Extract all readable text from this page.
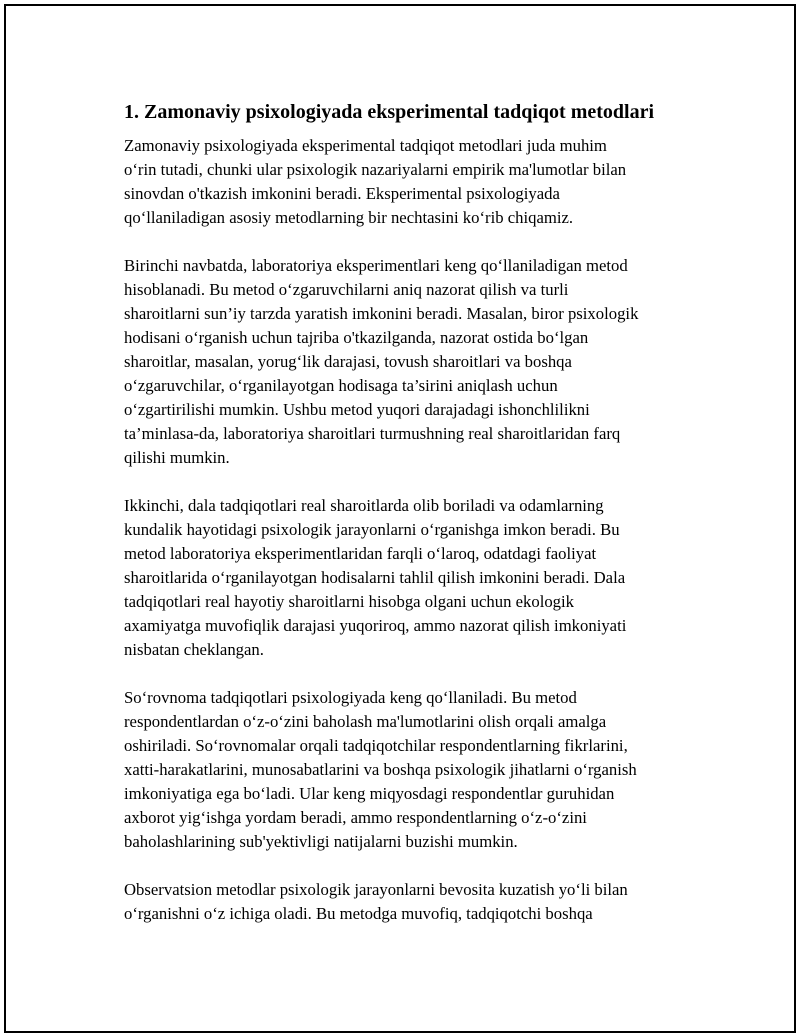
1. Zamonaviy psixologiyada eksperimental tadqiqot metodlari

Zamonaviy psixologiyada eksperimental tadqiqot metodlari juda muhim
o‘rin tutadi, chunki ular psixologik nazariyalarni empirik ma'lumotlar bilan
sinovdan o'tkazish imkonini beradi. Eksperimental psixologiyada
qo‘llaniladigan asosiy metodlarning bir nechtasini ko‘rib chiqamiz.

Birinchi navbatda, laboratoriya eksperimentlari keng qo‘llaniladigan metod
hisoblanadi. Bu metod o‘zgaruvchilarni aniq nazorat qilish va turli
sharoitlarni sun’iy tarzda yaratish imkonini beradi. Masalan, biror psixologik
hodisani o‘rganish uchun tajriba o'tkazilganda, nazorat ostida bo‘lgan
sharoitlar, masalan, yorug‘lik darajasi, tovush sharoitlari va boshqa
o‘zgaruvchilar, o‘rganilayotgan hodisaga ta’sirini aniqlash uchun
o‘zgartirilishi mumkin. Ushbu metod yuqori darajadagi ishonchlilikni
ta’minlasa-da, laboratoriya sharoitlari turmushning real sharoitlaridan farq
qilishi mumkin.

Ikkinchi, dala tadqiqotlari real sharoitlarda olib boriladi va odamlarning
kundalik hayotidagi psixologik jarayonlarni o‘rganishga imkon beradi. Bu
metod laboratoriya eksperimentlaridan farqli o‘laroq, odatdagi faoliyat
sharoitlarida o‘rganilayotgan hodisalarni tahlil qilish imkonini beradi. Dala
tadqiqotlari real hayotiy sharoitlarni hisobga olgani uchun ekologik
axamiyatga muvofiqlik darajasi yuqoriroq, ammo nazorat qilish imkoniyati
nisbatan cheklangan.

So‘rovnoma tadqiqotlari psixologiyada keng qo‘llaniladi. Bu metod
respondentlardan o‘z-o‘zini baholash ma'lumotlarini olish orqali amalga
oshiriladi. So‘rovnomalar orqali tadqiqotchilar respondentlarning fikrlarini,
xatti-harakatlarini, munosabatlarini va boshqa psixologik jihatlarni o‘rganish
imkoniyatiga ega bo‘ladi. Ular keng miqyosdagi respondentlar guruhidan
axborot yig‘ishga yordam beradi, ammo respondentlarning o‘z-o‘zini
baholashlarining sub'yektivligi natijalarni buzishi mumkin.

Observatsion metodlar psixologik jarayonlarni bevosita kuzatish yo‘li bilan
o‘rganishni o‘z ichiga oladi. Bu metodga muvofiq, tadqiqotchi boshqa
